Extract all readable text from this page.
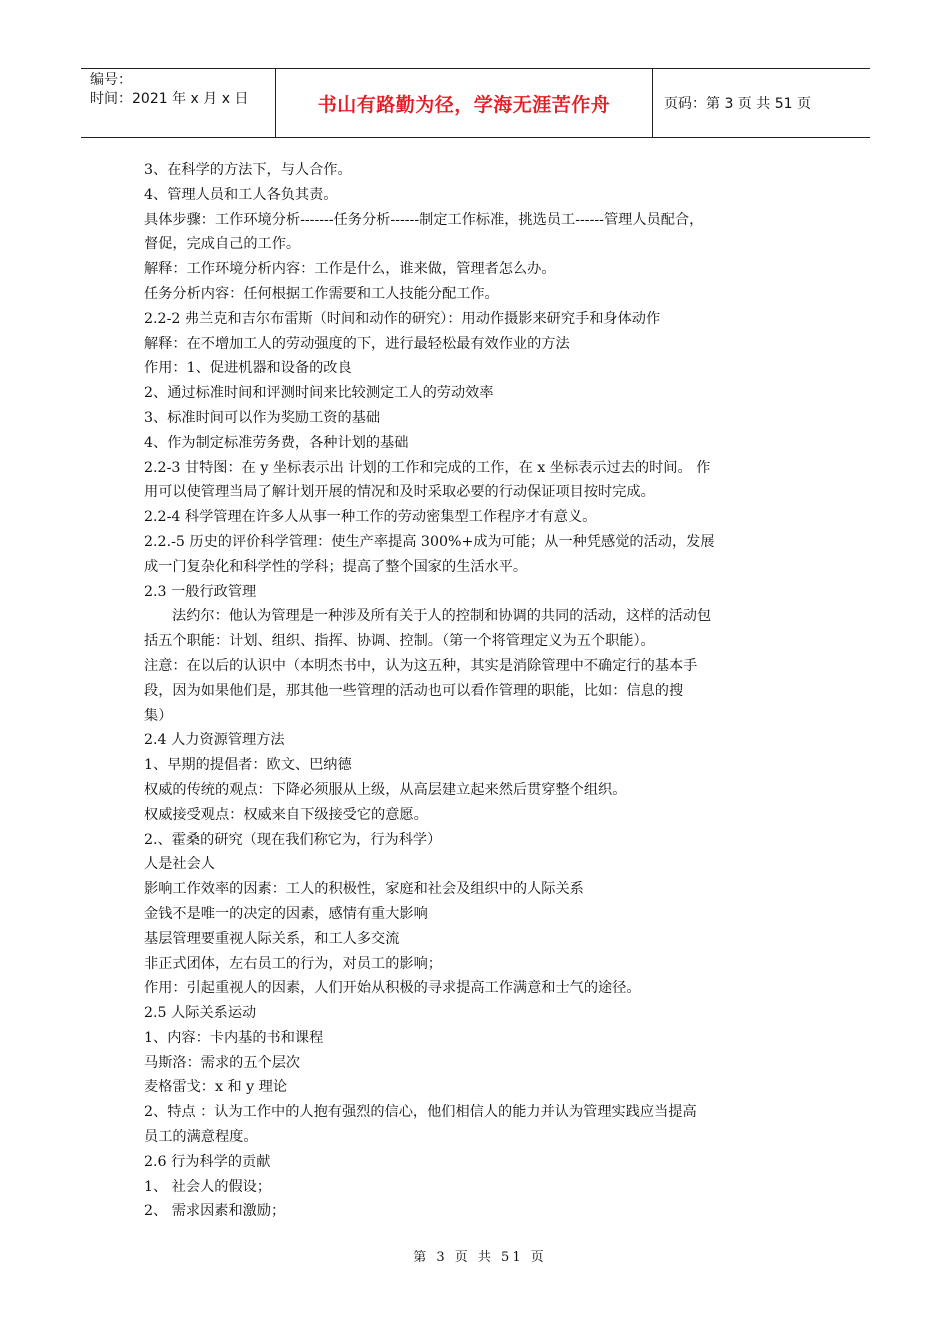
编号：
时间：2021 年 x 月 x 日	书山有路勤为径，学海无涯苦作舟	页码：第 3 页 共 51 页
3、在科学的方法下，与人合作。
4、管理人员和工人各负其责。
具体步骤：工作环境分析-------任务分析------制定工作标准，挑选员工------管理人员配合，
督促，完成自己的工作。
解释：工作环境分析内容：工作是什么，谁来做，管理者怎么办。
任务分析内容：任何根据工作需要和工人技能分配工作。
2.2-2 弗兰克和吉尔布雷斯（时间和动作的研究）：用动作摄影来研究手和身体动作
解释：在不增加工人的劳动强度的下，进行最轻松最有效作业的方法
作用：1、促进机器和设备的改良
2、通过标准时间和评测时间来比较测定工人的劳动效率
3、标准时间可以作为奖励工资的基础
4、作为制定标准劳务费，各种计划的基础
2.2-3 甘特图：在 y 坐标表示出 计划的工作和完成的工作，在 x 坐标表示过去的时间。 作
用可以使管理当局了解计划开展的情况和及时采取必要的行动保证项目按时完成。
2.2-4 科学管理在许多人从事一种工作的劳动密集型工作程序才有意义。
2.2.-5 历史的评价科学管理：使生产率提高 300%+成为可能；从一种凭感觉的活动，发展
成一门复杂化和科学性的学科；提高了整个国家的生活水平。
2.3 一般行政管理
法约尔：他认为管理是一种涉及所有关于人的控制和协调的共同的活动，这样的活动包
括五个职能：计划、组织、指挥、协调、控制。（第一个将管理定义为五个职能）。
注意：在以后的认识中（本明杰书中，认为这五种，其实是消除管理中不确定行的基本手
段，因为如果他们是，那其他一些管理的活动也可以看作管理的职能，比如：信息的搜
集）
2.4 人力资源管理方法
1、早期的提倡者：欧文、巴纳德
权威的传统的观点：下降必须服从上级，从高层建立起来然后贯穿整个组织。
权威接受观点：权威来自下级接受它的意愿。
2.、霍桑的研究（现在我们称它为，行为科学）
人是社会人
影响工作效率的因素：工人的积极性，家庭和社会及组织中的人际关系
金钱不是唯一的决定的因素，感情有重大影响
基层管理要重视人际关系，和工人多交流
非正式团体，左右员工的行为，对员工的影响；
作用：引起重视人的因素，人们开始从积极的寻求提高工作满意和士气的途径。
2.5 人际关系运动
1、内容：卡内基的书和课程
马斯洛：需求的五个层次
麦格雷戈：x 和 y 理论
2、特点 ：认为工作中的人抱有强烈的信心，他们相信人的能力并认为管理实践应当提高
员工的满意程度。
2.6 行为科学的贡献
1、 社会人的假设；
2、 需求因素和激励；
第 3 页 共 51 页
